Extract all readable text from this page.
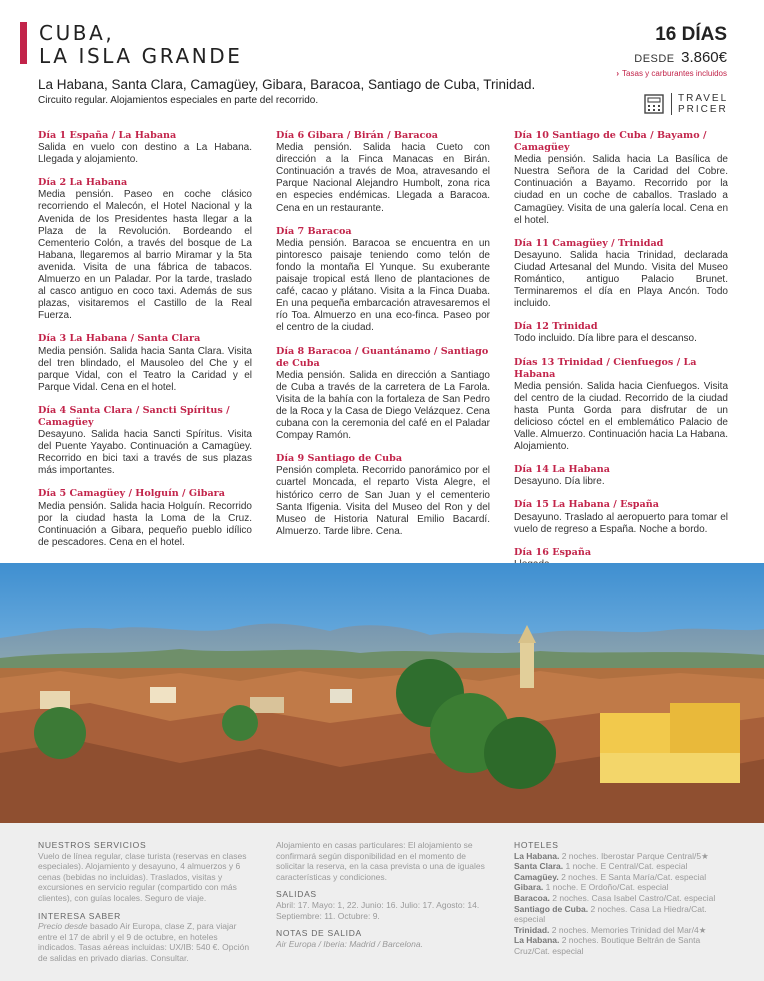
CUBA,
LA ISLA GRANDE
16 DÍAS
DESDE 3.860€
› Tasas y carburantes incluidos
TRAVEL
PRICER
La Habana, Santa Clara, Camagüey, Gibara, Baracoa, Santiago de Cuba, Trinidad.
Circuito regular. Alojamientos especiales en parte del recorrido.
Día 1 España / La Habana

Salida en vuelo con destino a La Habana. Llegada y alojamiento.

Día 2 La Habana

Media pensión. Paseo en coche clásico recorriendo el Malecón, el Hotel Nacional y la Avenida de los Presidentes hasta llegar a la Plaza de la Revolución. Bordeando el Cementerio Colón, a través del bosque de La Habana, llegaremos al barrio Miramar y la 5ta avenida. Visita de una fábrica de tabacos. Almuerzo en un Paladar. Por la tarde, traslado al casco antiguo en coco taxi. Además de sus plazas, visitaremos el Castillo de la Real Fuerza.

Día 3 La Habana / Santa Clara

Media pensión. Salida hacia Santa Clara. Visita del tren blindado, el Mausoleo del Che y el parque Vidal, con el Teatro la Caridad y el Parque Vidal. Cena en el hotel.

Día 4 Santa Clara / Sancti Spíritus / Camagüey

Desayuno. Salida hacia Sancti Spíritus. Visita del Puente Yayabo. Continuación a Camagüey. Recorrido en bici taxi a través de sus plazas más importantes.

Día 5 Camagüey / Holguín / Gibara

Media pensión. Salida hacia Holguín. Recorrido por la ciudad hasta la Loma de la Cruz. Continuación a Gibara, pequeño pueblo idílico de pescadores. Cena en el hotel.

Día 6 Gibara / Birán / Baracoa

Media pensión. Salida hacia Cueto con dirección a la Finca Manacas en Birán. Continuación a través de Moa, atravesando el Parque Nacional Alejandro Humbolt, zona rica en especies endémicas. Llegada a Baracoa. Cena en un restaurante.

Día 7 Baracoa

Media pensión. Baracoa se encuentra en un pintoresco paisaje teniendo como telón de fondo la montaña El Yunque. Su exuberante paisaje tropical está lleno de plantaciones de café, cacao y plátano. Visita a la Finca Duaba. En una pequeña embarcación atravesaremos el río Toa. Almuerzo en una eco-finca. Paseo por el centro de la ciudad.

Día 8 Baracoa / Guantánamo / Santiago de Cuba

Media pensión. Salida en dirección a Santiago de Cuba a través de la carretera de La Farola. Visita de la bahía con la fortaleza de San Pedro de la Roca y la Casa de Diego Velázquez. Cena cubana con la ceremonia del café en el Paladar Compay Ramón.

Día 9 Santiago de Cuba

Pensión completa. Recorrido panorámico por el cuartel Moncada, el reparto Vista Alegre, el histórico cerro de San Juan y el cementerio Santa Ifigenia. Visita del Museo del Ron y del Museo de Historia Natural Emilio Bacardí. Almuerzo. Tarde libre. Cena.

Día 10 Santiago de Cuba / Bayamo / Camagüey

Media pensión. Salida hacia La Basílica de Nuestra Señora de la Caridad del Cobre. Continuación a Bayamo. Recorrido por la ciudad en un coche de caballos. Traslado a Camagüey. Visita de una galería local. Cena en el hotel.

Día 11 Camagüey / Trinidad

Desayuno. Salida hacia Trinidad, declarada Ciudad Artesanal del Mundo. Visita del Museo Romántico, antiguo Palacio Brunet. Terminaremos el día en Playa Ancón. Todo incluido.

Día 12 Trinidad

Todo incluido. Día libre para el descanso.

Días 13 Trinidad / Cienfuegos / La Habana

Media pensión. Salida hacia Cienfuegos. Visita del centro de la ciudad. Recorrido de la ciudad hasta Punta Gorda para disfrutar de un delicioso cóctel en el emblemático Palacio de Valle. Almuerzo. Continuación hacia La Habana. Alojamiento.

Día 14 La Habana

Desayuno. Día libre.

Día 15 La Habana / España

Desayuno. Traslado al aeropuerto para tomar el vuelo de regreso a España. Noche a bordo.

Día 16 España

NUESTROS SERVICIOS

Vuelo de línea regular, clase turista (reservas en clases especiales). Alojamiento y desayuno, 4 almuerzos y 6 cenas (bebidas no incluidas). Traslados, visitas y excursiones en servicio regular (compartido con más clientes), con guías locales. Seguro de viaje.

INTERESA SABER

Precio desde basado Air Europa, clase Z, para viajar entre el 17 de abril y el 9 de octubre, en hoteles indicados. Tasas aéreas incluidas: UX/IB: 540 €. Opción de salidas en privado diarias. Consultar.

Alojamiento en casas particulares: El alojamiento se confirmará según disponibilidad en el momento de solicitar la reserva, en la casa prevista o una de iguales características y condiciones.

SALIDAS

Abril: 17. Mayo: 1, 22. Junio: 16. Julio: 17. Agosto: 14. Septiembre: 11. Octubre: 9.

NOTAS DE SALIDA

Air Europa / Iberia: Madrid / Barcelona.

HOTELES
La Habana. 2 noches. Iberostar Parque Central/5★
Santa Clara. 1 noche. E Central/Cat. especial
Camagüey. 2 noches. E Santa María/Cat. especial
Gibara. 1 noche. E Ordoño/Cat. especial
Baracoa. 2 noches. Casa Isabel Castro/Cat. especial
Santiago de Cuba. 2 noches. Casa La Hiedra/Cat. especial
Trinidad. 2 noches. Memories Trinidad del Mar/4★
La Habana. 2 noches. Boutique Beltrán de Santa Cruz/Cat. especial
